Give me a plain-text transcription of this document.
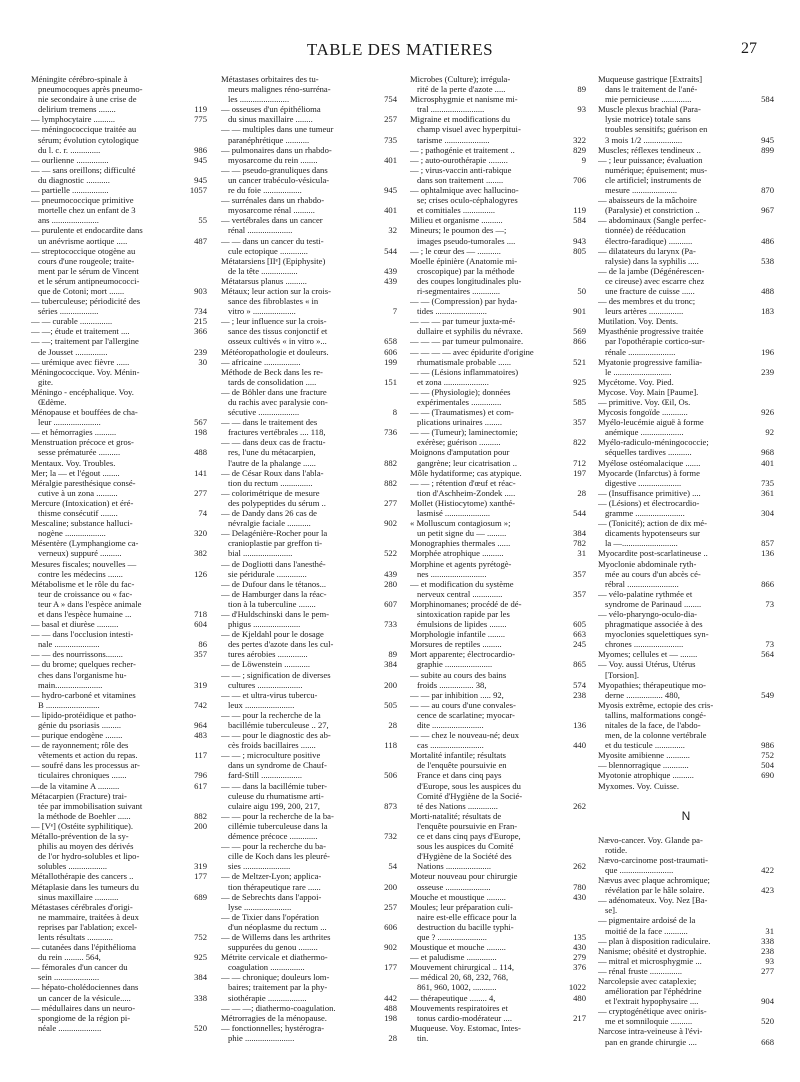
TABLE DES MATIERES	27
Méningite cérébro-spinale à
pneumocoques après pneumo-
nie secondaire à une crise de
delirium tremens ........	119
— lymphocytaire ..........	775
— méningococcique traitée au
sérum; évolution cytologique
du l. c. r. ..............	986
— ourlienne ...............	945
— — sans oreillons; difficulté
du diagnostic ...........	945
— partielle .................	1057
— pneumococcique primitive
mortelle chez un enfant de 3
ans ......................	55
— purulente et endocardite dans
un anévrisme aortique .....	487
— streptococcique otogène au
cours d'une rougeole; traite-
ment par le sérum de Vincent
et le sérum antipneumococci-
que de Cotoni; mort .......	903
— tuberculeuse; périodicité des
séries ..................	734
— — curable ...............	215
— —; étude et traitement ....	366
— —; traitement par l'allergine
de Jousset ...............	239
— urémique avec fièvre ......	30
Méningococcique. Voy. Ménin-
gite.
Méningo - encéphalique. Voy.
Œdème.
Ménopause et bouffées de cha-
leur ......................	567
— et hémorragies ..........	198
Menstruation précoce et gros-
sesse prématurée ..........	488
Mentaux. Voy. Troubles.
Mer; la — et l'égout ........	141
Méralgie paresthésique consé-
cutive à un zona ..........	277
Mercure (Intoxication) et éré-
thisme consécutif ........	74
Mescaline; substance halluci-
nogène ...................	320
Mésentère (Lymphangiome ca-
verneux) suppuré ..........	382
Mesures fiscales; nouvelles —
contre les médecins .......	126
Métabolisme et le rôle du fac-
teur de croissance ou « fac-
teur A » dans l'espèce animale
et dans l'espèce humaine ...	718
— basal et diurèse ..........	604
— — dans l'occlusion intesti-
nale .....................	86
— — des nourrissons........	357
— du brome; quelques recher-
ches dans l'organisme hu-
main......................	319
— hydro-carboné et vitamines
B .........................	742
— lipido-protéidique et patho-
génie du psoriasis .........	964
— purique endogène ........	483
— de rayonnement; rôle des
vêtements et action du repas.	117
— soufré dans les processus ar-
ticulaires chroniques .......	796
—de la vitamine A ..........	617
Métacarpien (Fracture) trai-
tée par immobilisation suivant
la méthode de Boehler ......	882
— [Vᵉ] (Ostéite syphilitique).	200
Métallo-prévention de la sy-
philis au moyen des dérivés
de l'or hydro-solubles et lipo-
solubles ..................	319
Métallothérapie des cancers ..	177
Métaplasie dans les tumeurs du
sinus maxillaire ...........	689
Métastases cérébrales d'origi-
ne mammaire, traitées à deux
reprises par l'ablation; excel-
lents résultats ............	752
— cutanées dans l'épithélioma
du rein ......... 564,	925
— fémorales d'un cancer du
sein .....................	384
— hépato-cholédociennes dans
un cancer de la vésicule.....	338
— médullaires dans un neuro-
spongiome de la région pi-
néale ....................	520
Métastases orbitaires des tu-
meurs malignes réno-surréna-
les .......................	754
— osseuses d'un épithélioma
du sinus maxillaire ........	257
— — multiples dans une tumeur
paranéphrétique ...........	735
— pulmonaires dans un rhabdo-
myosarcome du rein ........	401
— — pseudo-granuliques dans
un cancer trabéculo-vésicula-
re du foie ..................	945
— surrénales dans un rhabdo-
myosarcome rénal ..........	401
— vertébrales dans un cancer
rénal .....................	32
— — dans un cancer du testi-
cule ectopique .............	544
Métatarsiens [IIᵉ] (Epiphysite)
de la tête .................	439
Métatarsus planus ..........	439
Métaux; leur action sur la crois-
sance des fibroblastes « in
vitro » ....................	7
— ; leur influence sur la crois-
sance des tissus conjonctif et
osseux cultivés « in vitro »...	658
Météoropathologie et douleurs.	606
— africaine .................	199
Méthode de Beck dans les re-
tards de consolidation .....	151
— de Böhler dans une fracture
du rachis avec paralysie con-
sécutive ...................	8
— — dans le traitement des
fractures vertébrales .... 118,	736
— — dans deux cas de fractu-
res, l'une du métacarpien,
l'autre de la phalange ......	882
— de César Roux dans l'abla-
tion du rectum ...............	882
— colorimétrique de mesure
des polypeptides du sérum ..	277
— de Dandy dans 26 cas de
névralgie faciale ...........	902
— Delagénière-Rocher pour la
cranioplastie par greffon ti-
bial .......................	522
— de Dogliotti dans l'anesthé-
sie péridurale ..............	439
— de Dufour dans le tétanos...	280
— de Hamburger dans la réac-
tion à la tuberculine ........	607
— d'Huldschinski dans le pem-
phigus ......................	733
— de Kjeldahl pour le dosage
des pertes d'azote dans les cul-
tures aérobies ..............	89
— de Löwenstein ............	384
— — ; signification de diverses
cultures .....................	200
— — et ultra-virus tubercu-
leux .......................	505
— — pour la recherche de la
bacillémie tuberculeuse .. 27,	28
— — pour le diagnostic des ab-
cès froids bacillaires .......	118
— — ; microculture positive
dans un syndrome de Chauf-
fard-Still ...................	506
— — dans la bacillémie tuber-
culeuse du rhumatisme arti-
culaire aigu 199, 200, 217,	873
— — pour la recherche de la ba-
cillémie tuberculeuse dans la
démence précoce .............	732
— — pour la recherche du ba-
cille de Koch dans les pleuré-
sies ......................	54
— de Meltzer-Lyon; applica-
tion thérapeutique rare ......	200
— de Sebrechts dans l'appoi-
lyse ......................	257
— de Tixier dans l'opération
d'un néoplasme du rectum ...	606
— de Willems dans les arthrites
suppurées du genou .........	902
Métrite cervicale et diathermo-
coagulation ................	177
— — chronique; douleurs lom-
baires; traitement par la phy-
siothérapie ..................	442
— — —; diathermo-coagulation.	488
Métrorragies de la ménopause.	198
— fonctionnelles; hystérogra-
phie .......................	28
Microbes (Culture); irrégula-
rité de la perte d'azote .....	89
Microsphygmie et nanisme mi-
tral .........................	93
Migraine et modifications du
champ visuel avec hyperpitui-
tarisme .....................	322
— ; pathogénie et traitement ..	829
— ; auto-ourothérapie .........	9
— ; virus-vaccin anti-rabique
dans son traitement ........	706
— ophtalmique avec hallucino-
se; crises oculo-céphalogyres
et comitiales ...............	119
Milieu et organisme ..........	584
Mineurs; le poumon des —;
images pseudo-tumorales ....	943
— ; le cœur des — ...........	805
Moelle épinière (Anatomie mi-
croscopique) par la méthode
des coupes longitudinales plu-
ri-segmentaires .............	50
— — (Compression) par hyda-
tides ........................	901
— — — par tumeur juxta-mé-
dullaire et syphilis du névraxe.	569
— — — par tumeur pulmonaire.	866
— — — — avec épidurite d'origine
rhumatismale probable ......	521
— — (Lésions inflammatoires)
et zona .....................	925
— — (Physiologie); données
expérimentales ..............	585
— — (Traumatismes) et com-
plications urinaires ........	357
— — (Tumeur); laminectomie;
exérèse; guérison ..........	822
Moignons d'amputation pour
gangrène; leur cicatrisation ..	712
Môle hydatiforme; cas atypique.	197
— — ; rétention d'œuf et réac-
tion d'Aschheim-Zondek .....	28
Mollet (Histiocytome) xanthé-
lasmisé .....................	544
« Molluscum contagiosum »;
un petit signe du — .........	384
Monographies thermales ......	782
Morphée atrophique ..........	31
Morphine et agents pyrétogè-
nes ..........................	357
— et modification du système
nerveux central ..............	357
Morphinomanes; procédé de dé-
sintoxication rapide par les
émulsions de lipides ........	605
Morphologie infantile ........	663
Morsures de reptiles .........	245
Mort apparente; électrocardio-
graphie ......................	865
— subite au cours des bains
froids ................ 38,	574
— — par inhibition ..... 92,	238
— — au cours d'une convales-
cence de scarlatine; myocar-
dite ........................	136
— — chez le nouveau-né; deux
cas .........................	440
Mortalité infantile; résultats
de l'enquête poursuivie en
France et dans cinq pays
d'Europe, sous les auspices du
Comité d'Hygiène de la Socié-
té des Nations ..............	262
Morti-natalité; résultats de
l'enquête poursuivie en Fran-
ce et dans cinq pays d'Europe,
sous les auspices du Comité
d'Hygiène de la Société des
Nations .....................	262
Moteur nouveau pour chirurgie
osseuse .....................	780
Mouche et moustique .........	430
Moules; leur préparation culi-
naire est-elle efficace pour la
destruction du bacille typhi-
que ? .......................	135
Moustique et mouche .........	430
— et paludisme ..............	279
Mouvement chirurgical .. 114,	376
— médical 20, 68, 232, 768,
861, 960, 1002, ...........	1022
— thérapeutique ........ 4,	480
Mouvements respiratoires et
tonus cardio-modérateur ....	217
Muqueuse. Voy. Estomac, Intes-
tin.
Muqueuse gastrique [Extraits]
dans le traitement de l'ané-
mie pernicieuse ..............	584
Muscle plexus brachial (Para-
lysie motrice) totale sans
troubles sensitifs; guérison en
3 mois 1/2 ..................	945
Muscles; réflexes tendineux ..	899
— ; leur puissance; évaluation
numérique; épuisement; mus-
cle artificiel; instruments de
mesure .....................	870
— abaisseurs de la mâchoire
(Paralysie) et constriction ..	967
— abdominaux (Sangle perfec-
tionnée) de rééducation
électro-faradique) ...........	486
— dilatateurs du larynx (Pa-
ralysie) dans la syphilis .....	538
— de la jambe (Dégénérescen-
ce cireuse) avec escarre chez
une fracture de cuisse ......	488
— des membres et du tronc;
leurs artères ................	183
Mutilation. Voy. Dents.
Myasthénie progressive traitée
par l'opothérapie cortico-sur-
rénale ......................	196
Myatonie progressive familia-
le ...........................	239
Mycétome. Voy. Pied.
Mycose. Voy. Main [Paume].
— primitive. Voy. Œil, Os.
Mycosis fongoïde ............	926
Myélo-leucémie aiguë à forme
anémique ....................	92
Myélo-radiculo-méningococcie;
séquelles tardives ...........	968
Myélose ostéomalacique .......	401
Myocarde (Infarctus) à forme
digestive ....................	735
— (Insuffisance primitive) ....	361
— (Lésions) et électrocardio-
gramme .......................	304
— (Tonicité); action de dix mé-
dicaments hypotenseurs sur
la —..........................	857
Myocardite post-scarlatineuse ..	136
Myoclonie abdominale ryth-
mée au cours d'un abcès cé-
rébral ........................	866
— vélo-palatine rythmée et
syndrome de Parinaud ........	73
— vélo-pharyngo-oculo-dia-
phragmatique associée à des
myoclonies squelettiques syn-
chrones .......................	73
Myomes; cellules et — ........	564
— Voy. aussi Utérus, Utérus
[Torsion].
Myopathies; thérapeutique mo-
derne ................. 480,	549
Myosis extrême, ectopie des cris-
tallins, malformations congé-
nitales de la face, de l'abdo-
men, de la colonne vertébrale
et du testicule ..............	986
Myosite amibienne ...........	752
— blennorragique ............	504
Myotonie atrophique ..........	690
Myxomes. Voy. Cuisse.
N
Nævo-cancer. Voy. Glande pa-
rotide.
Nævo-carcinome post-traumati-
que .........................	422
Nævus avec plaque achromique;
révélation par le hâle solaire.	423
— adénomateux. Voy. Nez [Ba-
se].
— pigmentaire ardoisé de la
moitié de la face ...........	31
— plan à disposition radiculaire.	338
Nanisme; obésité et dystrophie.	238
— mitral et microsphygmie ...	93
— rénal fruste ...............	277
Narcolepsie avec cataplexie;
amélioration par l'éphédrine
et l'extrait hypophysaire ....	904
— cryptogénétique avec oniris-
me et somniloquie ..........	520
Narcose intra-veineuse à l'évi-
pan en grande chirurgie ....	668
